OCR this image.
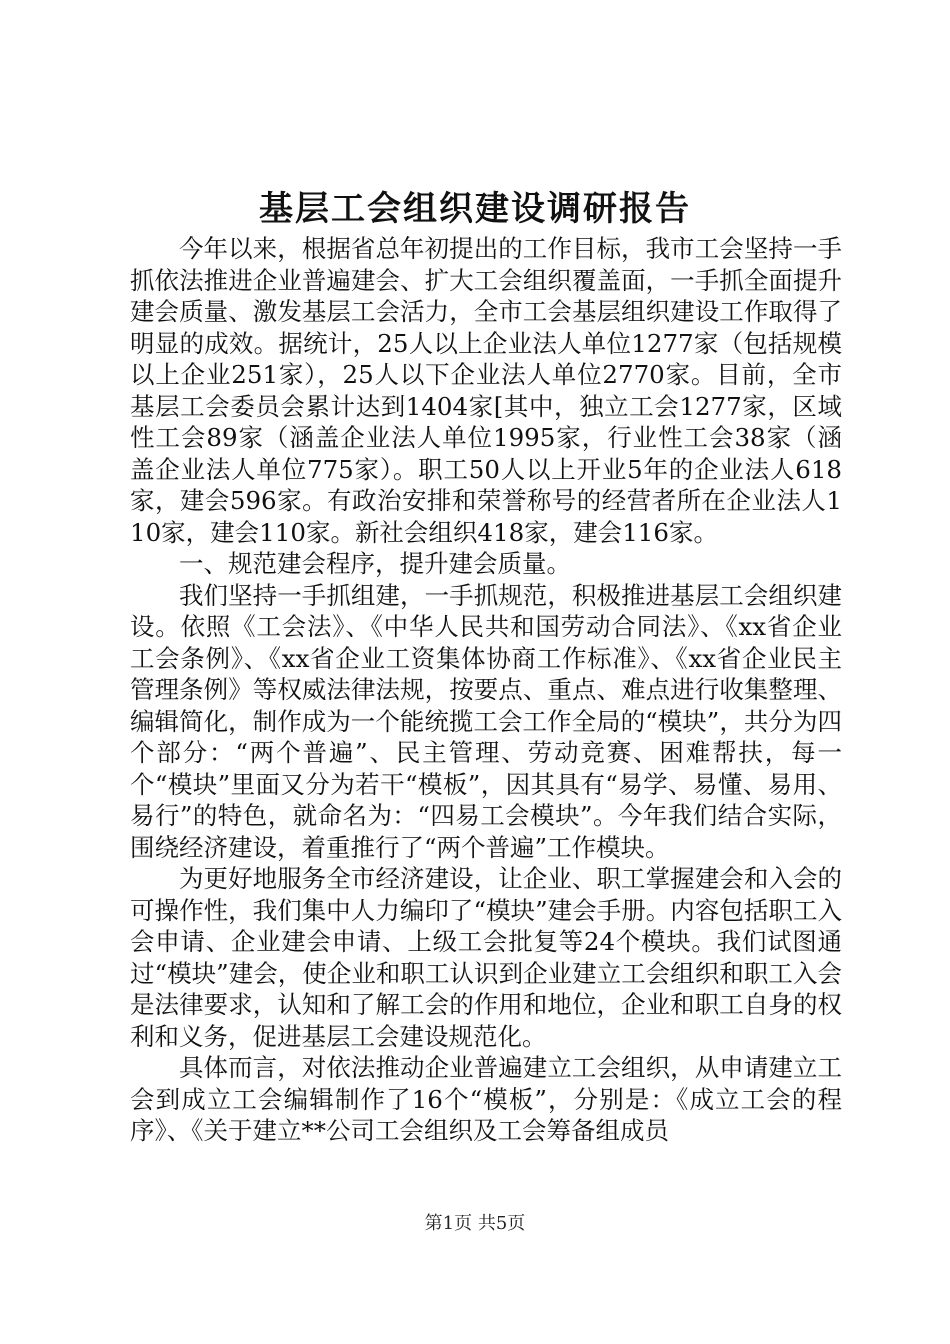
基层工会组织建设调研报告

今年以来，根据省总年初提出的工作目标，我市工会坚持一手抓依法推进企业普遍建会、扩大工会组织覆盖面，一手抓全面提升建会质量、激发基层工会活力，全市工会基层组织建设工作取得了明显的成效。据统计，25人以上企业法人单位1277家（包括规模以上企业251家），25人以下企业法人单位2770家。目前，全市基层工会委员会累计达到1404家[其中，独立工会1277家，区域性工会89家（涵盖企业法人单位1995家，行业性工会38家（涵盖企业法人单位775家）。职工50人以上开业5年的企业法人618家，建会596家。有政治安排和荣誉称号的经营者所在企业法人110家，建会110家。新社会组织418家，建会116家。

一、规范建会程序，提升建会质量。

我们坚持一手抓组建，一手抓规范，积极推进基层工会组织建设。依照《工会法》、《中华人民共和国劳动合同法》、《xx省企业工会条例》、《xx省企业工资集体协商工作标准》、《xx省企业民主管理条例》等权威法律法规，按要点、重点、难点进行收集整理、编辑简化，制作成为一个能统揽工会工作全局的“模块”，共分为四个部分：“两个普遍”、民主管理、劳动竞赛、困难帮扶，每一个“模块”里面又分为若干“模板”，因其具有“易学、易懂、易用、易行”的特色，就命名为：“四易工会模块”。今年我们结合实际，围绕经济建设，着重推行了“两个普遍”工作模块。

为更好地服务全市经济建设，让企业、职工掌握建会和入会的可操作性，我们集中人力编印了“模块”建会手册。内容包括职工入会申请、企业建会申请、上级工会批复等24个模块。我们试图通过“模块”建会，使企业和职工认识到企业建立工会组织和职工入会是法律要求，认知和了解工会的作用和地位，企业和职工自身的权利和义务，促进基层工会建设规范化。

具体而言，对依法推动企业普遍建立工会组织，从申请建立工会到成立工会编辑制作了16个“模板”，分别是：《成立工会的程序》、《关于建立**公司工会组织及工会筹备组成员

第1页 共5页
